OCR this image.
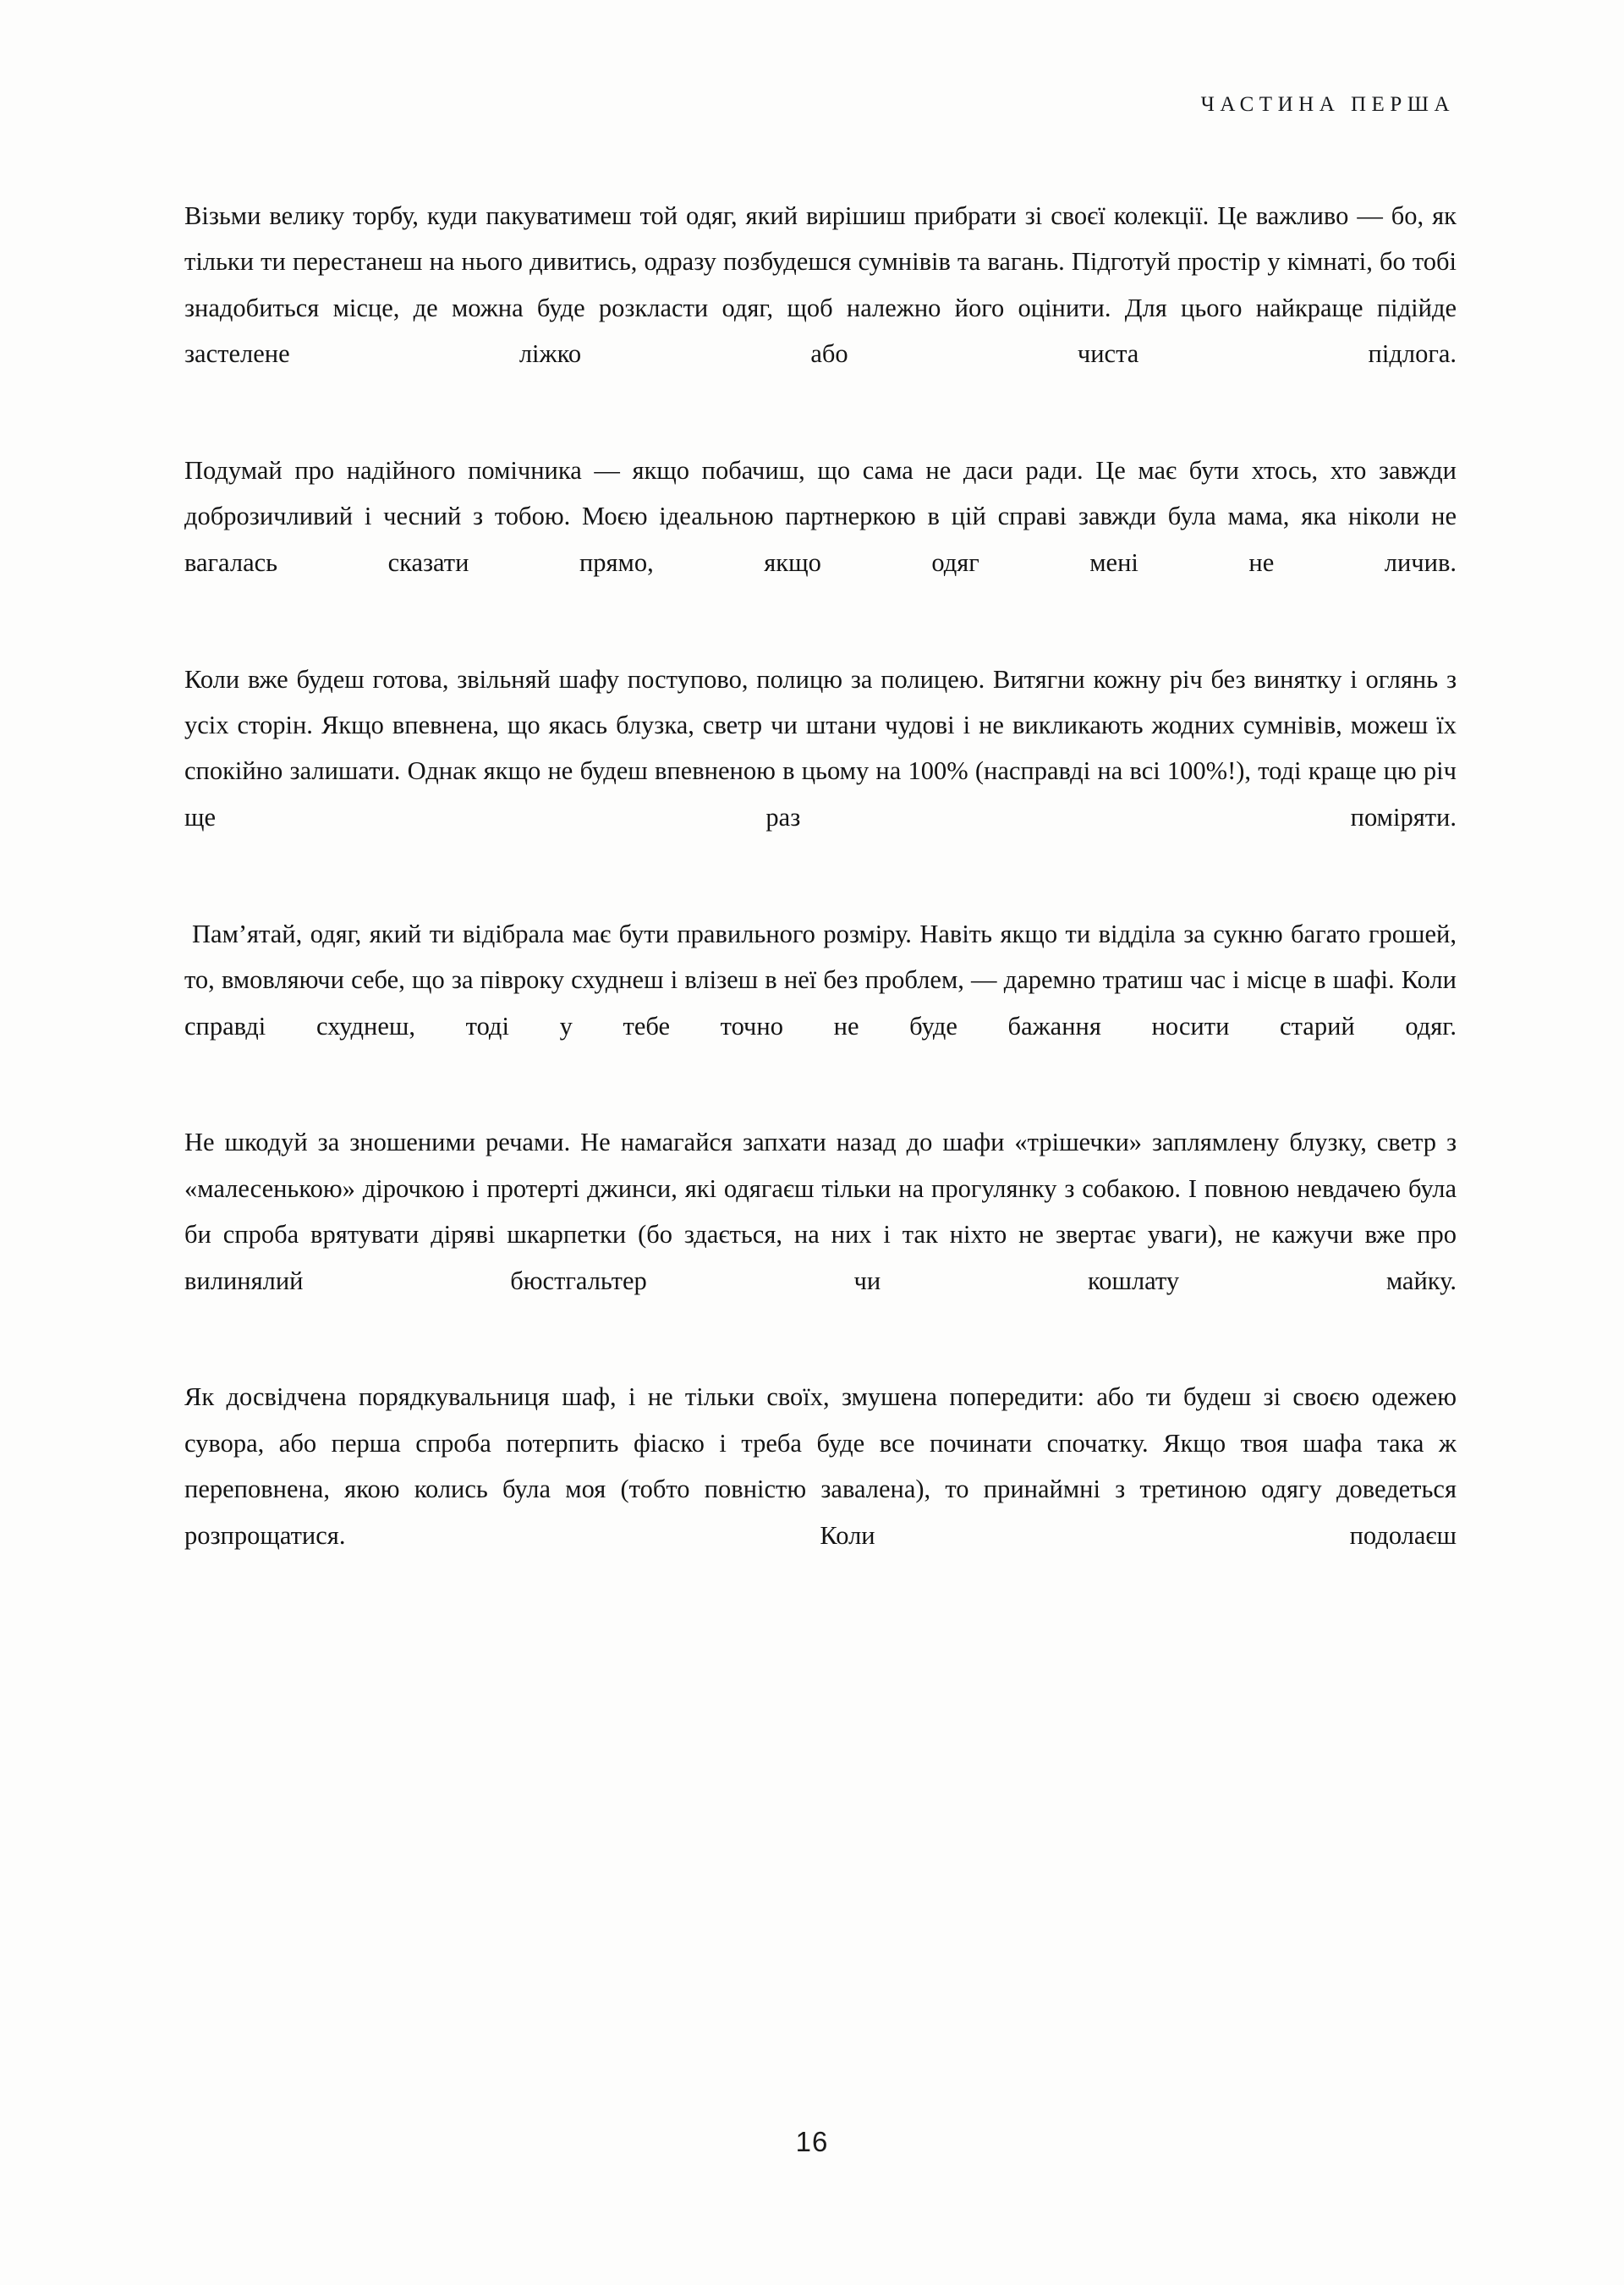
ЧАСТИНА ПЕРША

Візьми велику торбу, куди пакуватимеш той одяг, який вирішиш прибрати зі своєї колекції. Це важливо — бо, як тільки ти перестанеш на нього дивитись, одразу позбудешся сумнівів та вагань. Підготуй простір у кімнаті, бо тобі знадобиться місце, де можна буде розкласти одяг, щоб належно його оцінити. Для цього найкраще підійде застелене ліжко або чиста підлога.

Подумай про надійного помічника — якщо побачиш, що сама не даси ради. Це має бути хтось, хто завжди доброзичливий і чесний з тобою. Моєю ідеальною партнеркою в цій справі завжди була мама, яка ніколи не вагалась сказати прямо, якщо одяг мені не личив.

Коли вже будеш готова, звільняй шафу поступово, полицю за полицею. Витягни кожну річ без винятку і оглянь з усіх сторін. Якщо впевнена, що якась блузка, светр чи штани чудові і не викликають жодних сумнівів, можеш їх спокійно залишати. Однак якщо не будеш впевненою в цьому на 100% (насправді на всі 100%!), тоді краще цю річ ще раз поміряти.

Пам’ятай, одяг, який ти відібрала має бути правильного розміру. Навіть якщо ти відділа за сукню багато грошей, то, вмовляючи себе, що за півроку схуднеш і влізеш в неї без проблем, — даремно тратиш час і місце в шафі. Коли справді схуднеш, тоді у тебе точно не буде бажання носити старий одяг.

Не шкодуй за зношеними речами. Не намагайся запхати назад до шафи «трішечки» заплямлену блузку, светр з «малесенькою» дірочкою і протерті джинси, які одягаєш тільки на прогулянку з собакою. І повною невдачею була би спроба врятувати діряві шкарпетки (бо здається, на них і так ніхто не звертає уваги), не кажучи вже про вилинялий бюстгальтер чи кошлату майку.

Як досвідчена порядкувальниця шаф, і не тільки своїх, змушена попередити: або ти будеш зі своєю одежею сувора, або перша спроба потерпить фіаско і треба буде все починати спочатку. Якщо твоя шафа така ж переповнена, якою колись була моя (тобто повністю завалена), то принаймні з третиною одягу доведеться розпрощатися. Коли подолаєш

16
